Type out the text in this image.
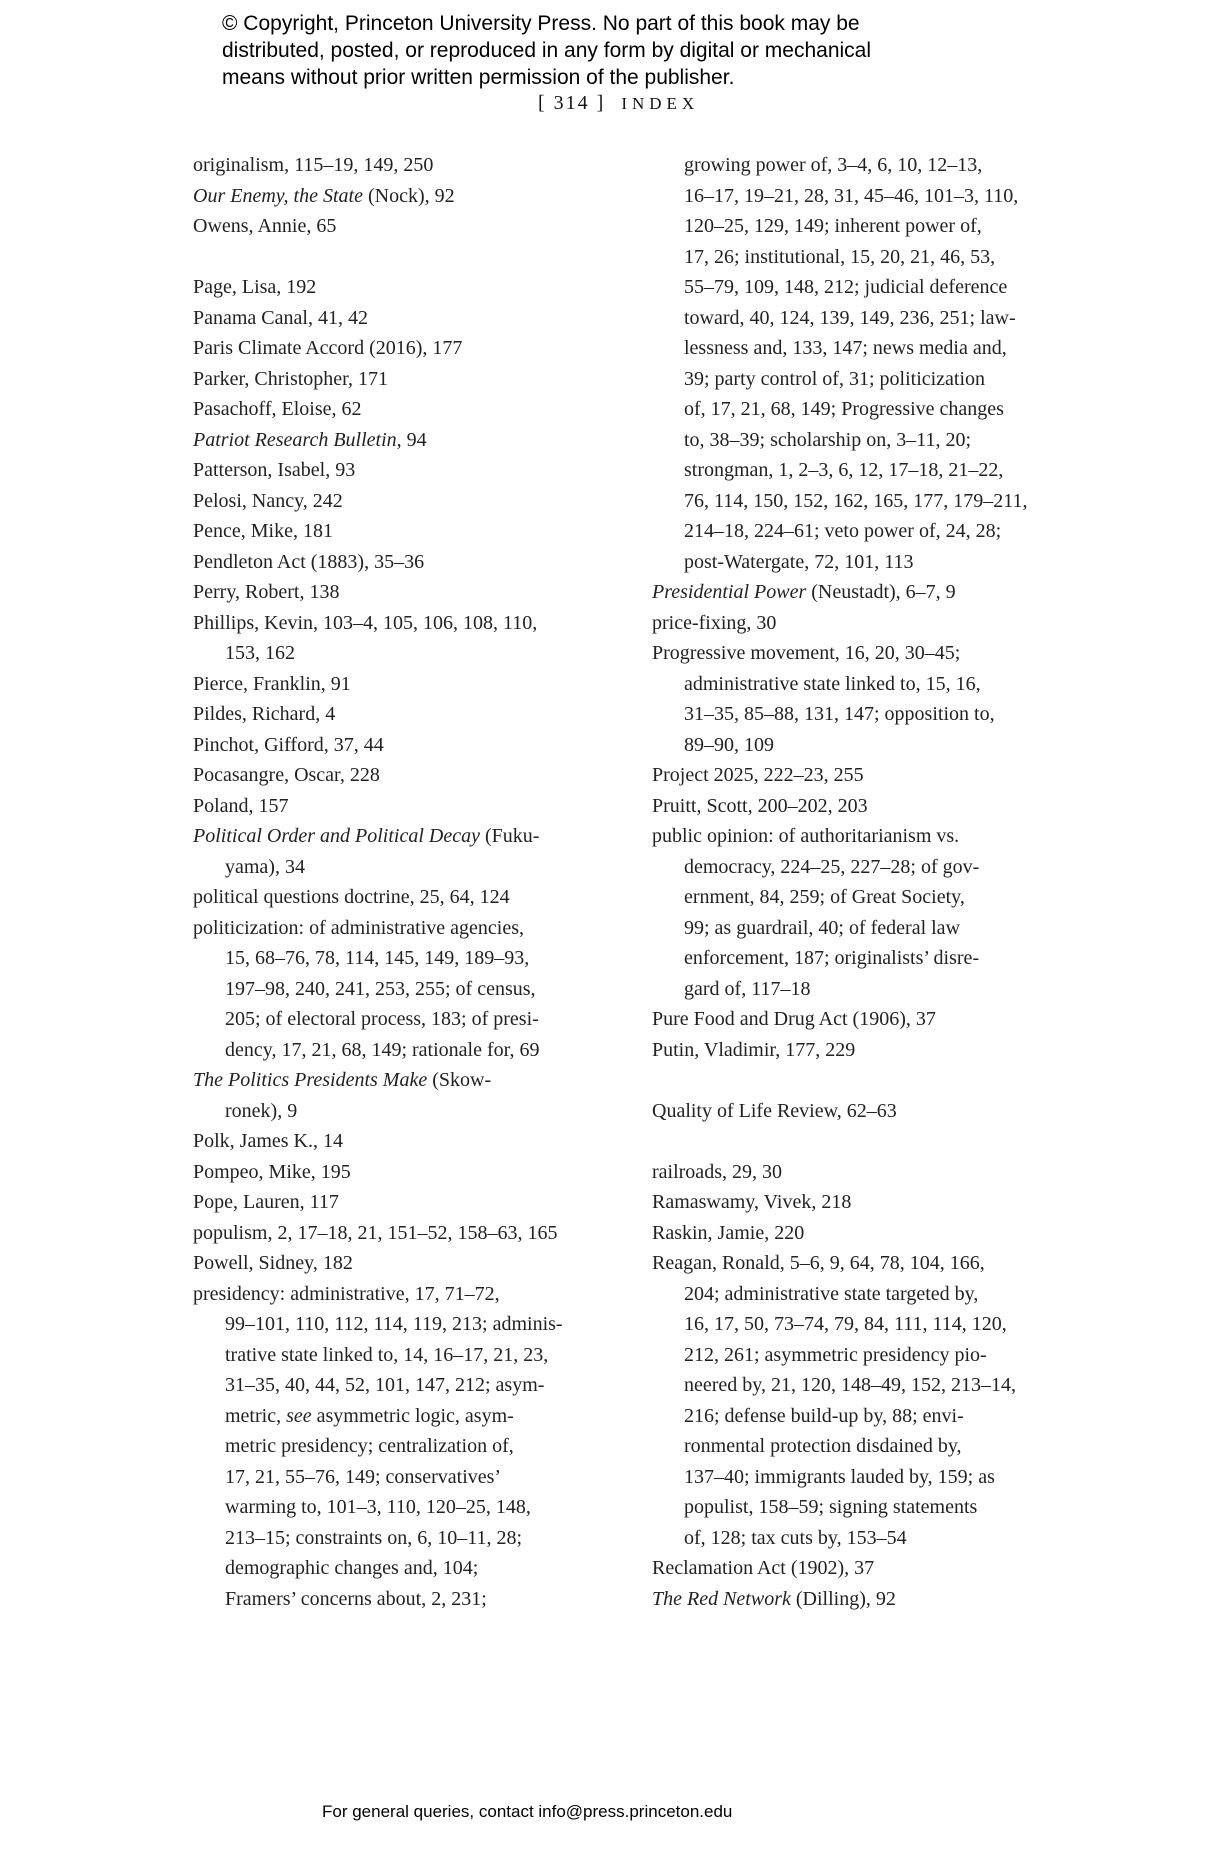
© Copyright, Princeton University Press. No part of this book may be
distributed, posted, or reproduced in any form by digital or mechanical
means without prior written permission of the publisher.
[ 314 ] INDEX
originalism, 115–19, 149, 250
Our Enemy, the State (Nock), 92
Owens, Annie, 65
Page, Lisa, 192
Panama Canal, 41, 42
Paris Climate Accord (2016), 177
Parker, Christopher, 171
Pasachoff, Eloise, 62
Patriot Research Bulletin, 94
Patterson, Isabel, 93
Pelosi, Nancy, 242
Pence, Mike, 181
Pendleton Act (1883), 35–36
Perry, Robert, 138
Phillips, Kevin, 103–4, 105, 106, 108, 110,
153, 162
Pierce, Franklin, 91
Pildes, Richard, 4
Pinchot, Gifford, 37, 44
Pocasangre, Oscar, 228
Poland, 157
Political Order and Political Decay (Fuku-
yama), 34
political questions doctrine, 25, 64, 124
politicization: of administrative agencies,
15, 68–76, 78, 114, 145, 149, 189–93,
197–98, 240, 241, 253, 255; of census,
205; of electoral process, 183; of presi-
dency, 17, 21, 68, 149; rationale for, 69
The Politics Presidents Make (Skow-
ronek), 9
Polk, James K., 14
Pompeo, Mike, 195
Pope, Lauren, 117
populism, 2, 17–18, 21, 151–52, 158–63, 165
Powell, Sidney, 182
presidency: administrative, 17, 71–72,
99–101, 110, 112, 114, 119, 213; adminis-
trative state linked to, 14, 16–17, 21, 23,
31–35, 40, 44, 52, 101, 147, 212; asym-
metric, see asymmetric logic, asym-
metric presidency; centralization of,
17, 21, 55–76, 149; conservatives’
warming to, 101–3, 110, 120–25, 148,
213–15; constraints on, 6, 10–11, 28;
demographic changes and, 104;
Framers’ concerns about, 2, 231;
growing power of, 3–4, 6, 10, 12–13,
16–17, 19–21, 28, 31, 45–46, 101–3, 110,
120–25, 129, 149; inherent power of,
17, 26; institutional, 15, 20, 21, 46, 53,
55–79, 109, 148, 212; judicial deference
toward, 40, 124, 139, 149, 236, 251; law-
lessness and, 133, 147; news media and,
39; party control of, 31; politicization
of, 17, 21, 68, 149; Progressive changes
to, 38–39; scholarship on, 3–11, 20;
strongman, 1, 2–3, 6, 12, 17–18, 21–22,
76, 114, 150, 152, 162, 165, 177, 179–211,
214–18, 224–61; veto power of, 24, 28;
post-Watergate, 72, 101, 113
Presidential Power (Neustadt), 6–7, 9
price-fixing, 30
Progressive movement, 16, 20, 30–45;
administrative state linked to, 15, 16,
31–35, 85–88, 131, 147; opposition to,
89–90, 109
Project 2025, 222–23, 255
Pruitt, Scott, 200–202, 203
public opinion: of authoritarianism vs.
democracy, 224–25, 227–28; of gov-
ernment, 84, 259; of Great Society,
99; as guardrail, 40; of federal law
enforcement, 187; originalists’ disre-
gard of, 117–18
Pure Food and Drug Act (1906), 37
Putin, Vladimir, 177, 229
Quality of Life Review, 62–63
railroads, 29, 30
Ramaswamy, Vivek, 218
Raskin, Jamie, 220
Reagan, Ronald, 5–6, 9, 64, 78, 104, 166,
204; administrative state targeted by,
16, 17, 50, 73–74, 79, 84, 111, 114, 120,
212, 261; asymmetric presidency pio-
neered by, 21, 120, 148–49, 152, 213–14,
216; defense build-up by, 88; envi-
ronmental protection disdained by,
137–40; immigrants lauded by, 159; as
populist, 158–59; signing statements
of, 128; tax cuts by, 153–54
Reclamation Act (1902), 37
The Red Network (Dilling), 92
For general queries, contact info@press.princeton.edu
